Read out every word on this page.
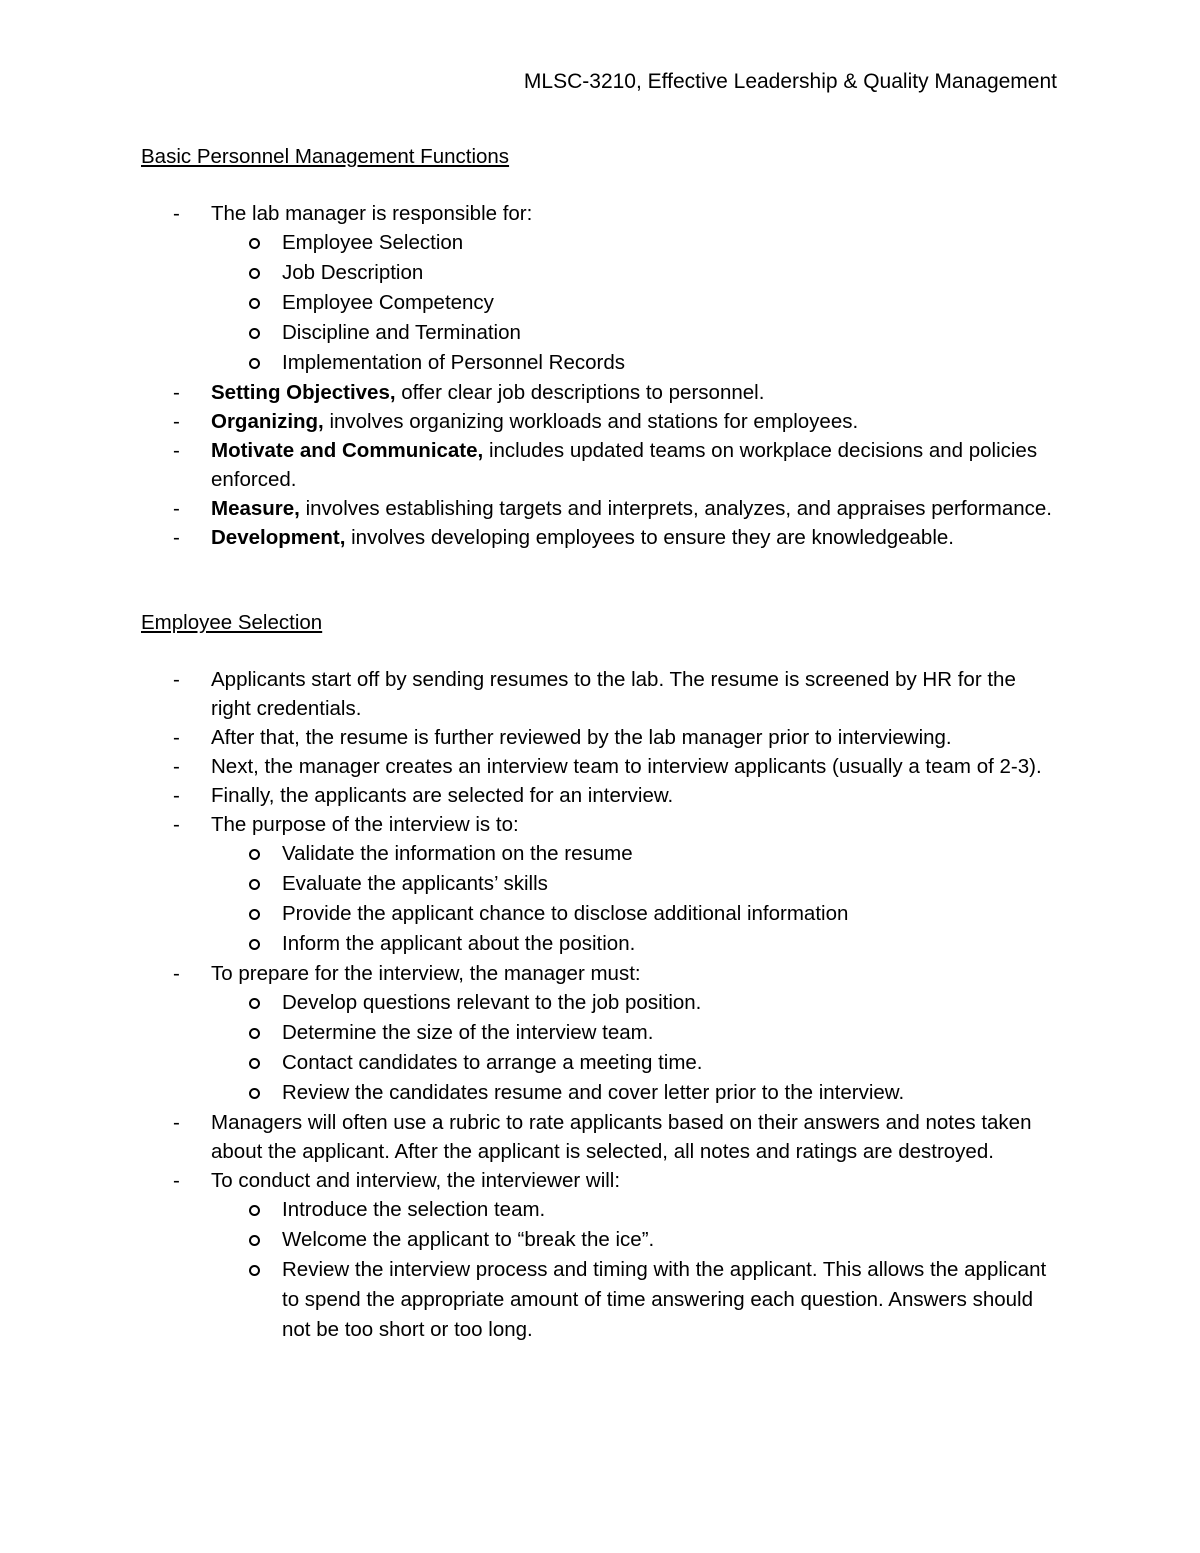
MLSC-3210, Effective Leadership & Quality Management
Basic Personnel Management Functions
- The lab manager is responsible for:
Employee Selection
Job Description
Employee Competency
Discipline and Termination
Implementation of Personnel Records
- Setting Objectives, offer clear job descriptions to personnel.
- Organizing, involves organizing workloads and stations for employees.
- Motivate and Communicate, includes updated teams on workplace decisions and policies enforced.
- Measure, involves establishing targets and interprets, analyzes, and appraises performance.
- Development, involves developing employees to ensure they are knowledgeable.
Employee Selection
- Applicants start off by sending resumes to the lab. The resume is screened by HR for the right credentials.
- After that, the resume is further reviewed by the lab manager prior to interviewing.
- Next, the manager creates an interview team to interview applicants (usually a team of 2-3).
- Finally, the applicants are selected for an interview.
- The purpose of the interview is to:
Validate the information on the resume
Evaluate the applicants’ skills
Provide the applicant chance to disclose additional information
Inform the applicant about the position.
- To prepare for the interview, the manager must:
Develop questions relevant to the job position.
Determine the size of the interview team.
Contact candidates to arrange a meeting time.
Review the candidates resume and cover letter prior to the interview.
- Managers will often use a rubric to rate applicants based on their answers and notes taken about the applicant. After the applicant is selected, all notes and ratings are destroyed.
- To conduct and interview, the interviewer will:
Introduce the selection team.
Welcome the applicant to “break the ice”.
Review the interview process and timing with the applicant. This allows the applicant to spend the appropriate amount of time answering each question. Answers should not be too short or too long.
